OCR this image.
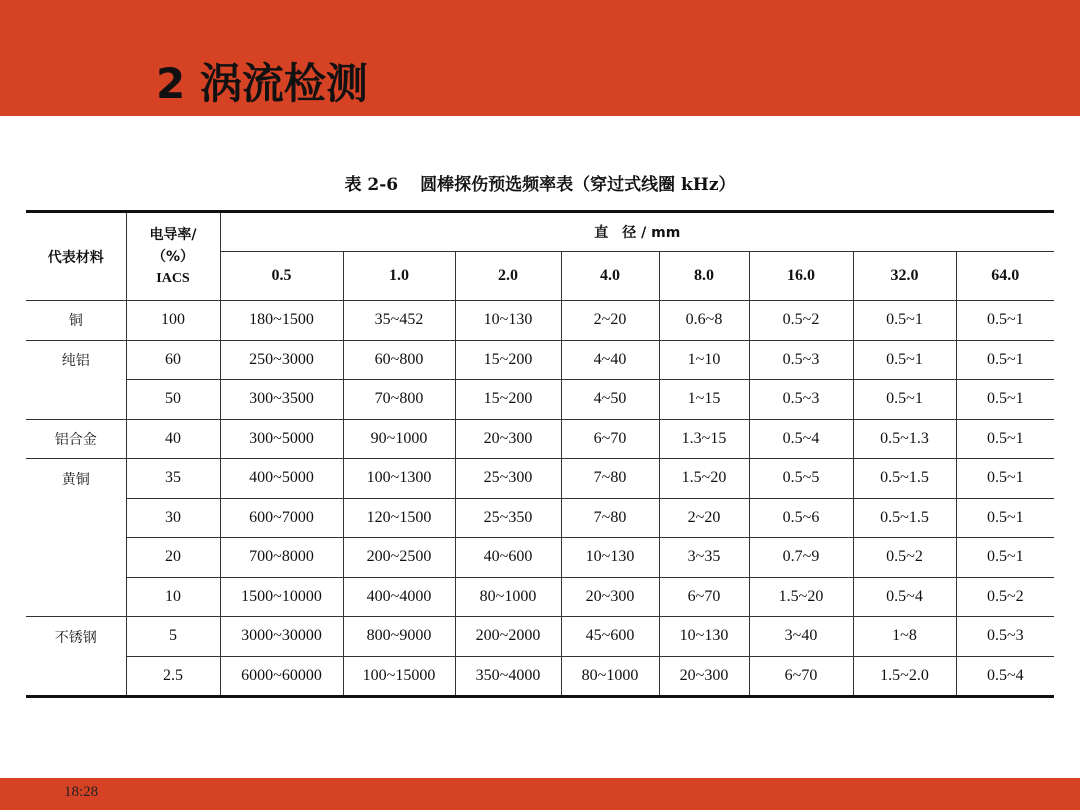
2 涡流检测
表 2-6 圆棒探伤预选频率表（穿过式线圈 kHz）
代表材料	电导率/
（%）
IACS	直　径 / mm							
		0.5	1.0	2.0	4.0	8.0	16.0	32.0	64.0
铜	100	180~1500	35~452	10~130	2~20	0.6~8	0.5~2	0.5~1	0.5~1
纯铝	60	250~3000	60~800	15~200	4~40	1~10	0.5~3	0.5~1	0.5~1
	50	300~3500	70~800	15~200	4~50	1~15	0.5~3	0.5~1	0.5~1
铝合金	40	300~5000	90~1000	20~300	6~70	1.3~15	0.5~4	0.5~1.3	0.5~1
黄铜	35	400~5000	100~1300	25~300	7~80	1.5~20	0.5~5	0.5~1.5	0.5~1
	30	600~7000	120~1500	25~350	7~80	2~20	0.5~6	0.5~1.5	0.5~1
	20	700~8000	200~2500	40~600	10~130	3~35	0.7~9	0.5~2	0.5~1
	10	1500~10000	400~4000	80~1000	20~300	6~70	1.5~20	0.5~4	0.5~2
不锈钢	5	3000~30000	800~9000	200~2000	45~600	10~130	3~40	1~8	0.5~3
	2.5	6000~60000	100~15000	350~4000	80~1000	20~300	6~70	1.5~2.0	0.5~4
18:28
